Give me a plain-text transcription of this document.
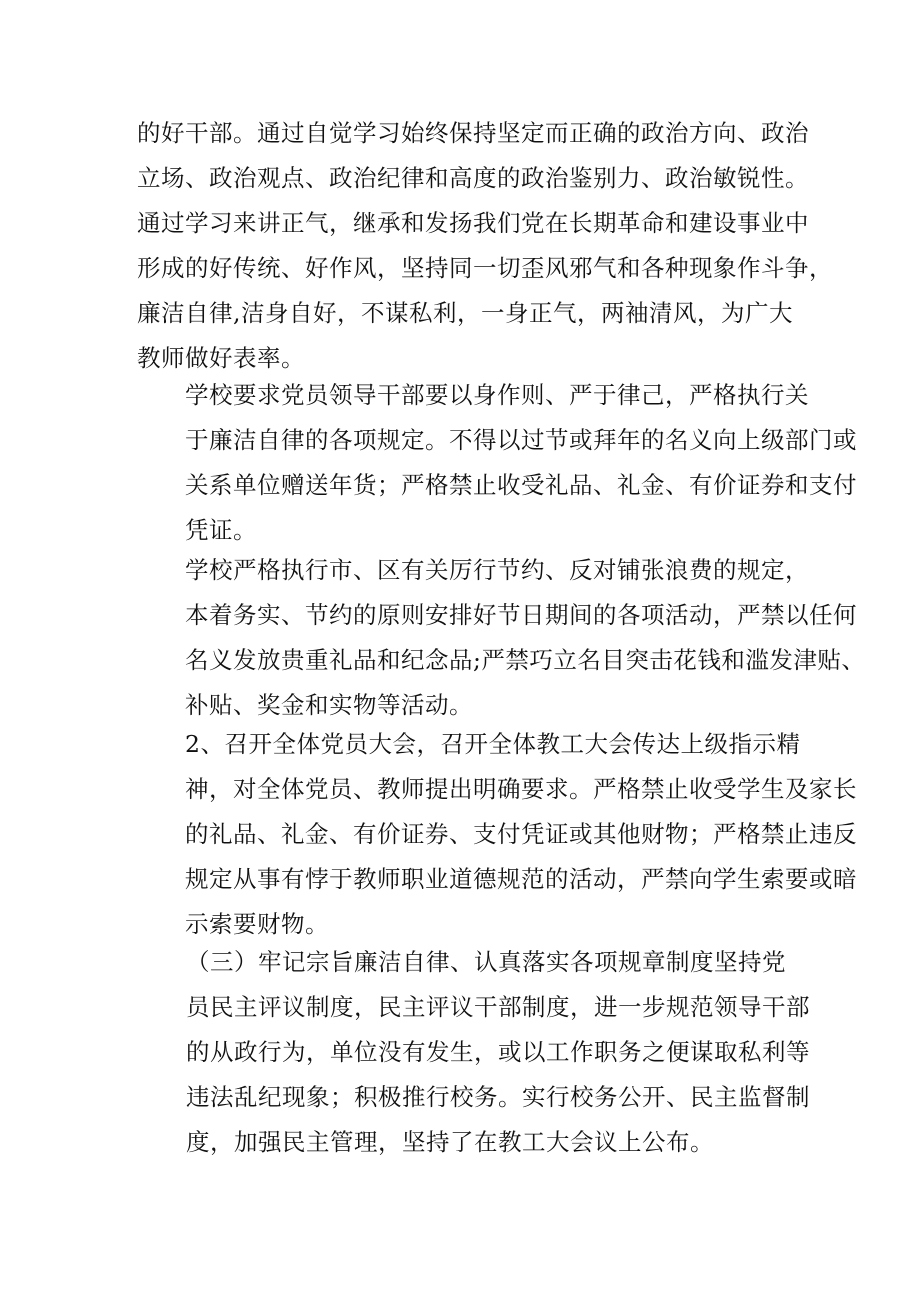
的好干部。通过自觉学习始终保持坚定而正确的政治方向、政治
立场、政治观点、政治纪律和高度的政治鉴别力、政治敏锐性。
通过学习来讲正气，继承和发扬我们党在长期革命和建设事业中
形成的好传统、好作风，坚持同一切歪风邪气和各种现象作斗争，
廉洁自律,洁身自好，不谋私利，一身正气，两袖清风，为广大
教师做好表率。

学校要求党员领导干部要以身作则、严于律己，严格执行关
于廉洁自律的各项规定。不得以过节或拜年的名义向上级部门或
关系单位赠送年货；严格禁止收受礼品、礼金、有价证券和支付
凭证。

学校严格执行市、区有关厉行节约、反对铺张浪费的规定，
本着务实、节约的原则安排好节日期间的各项活动，严禁以任何
名义发放贵重礼品和纪念品;严禁巧立名目突击花钱和滥发津贴、
补贴、奖金和实物等活动。

2、召开全体党员大会，召开全体教工大会传达上级指示精
神，对全体党员、教师提出明确要求。严格禁止收受学生及家长
的礼品、礼金、有价证券、支付凭证或其他财物；严格禁止违反
规定从事有悖于教师职业道德规范的活动，严禁向学生索要或暗
示索要财物。

（三）牢记宗旨廉洁自律、认真落实各项规章制度坚持党
员民主评议制度，民主评议干部制度，进一步规范领导干部
的从政行为，单位没有发生，或以工作职务之便谋取私利等
违法乱纪现象；积极推行校务。实行校务公开、民主监督制
度，加强民主管理，坚持了在教工大会议上公布。
